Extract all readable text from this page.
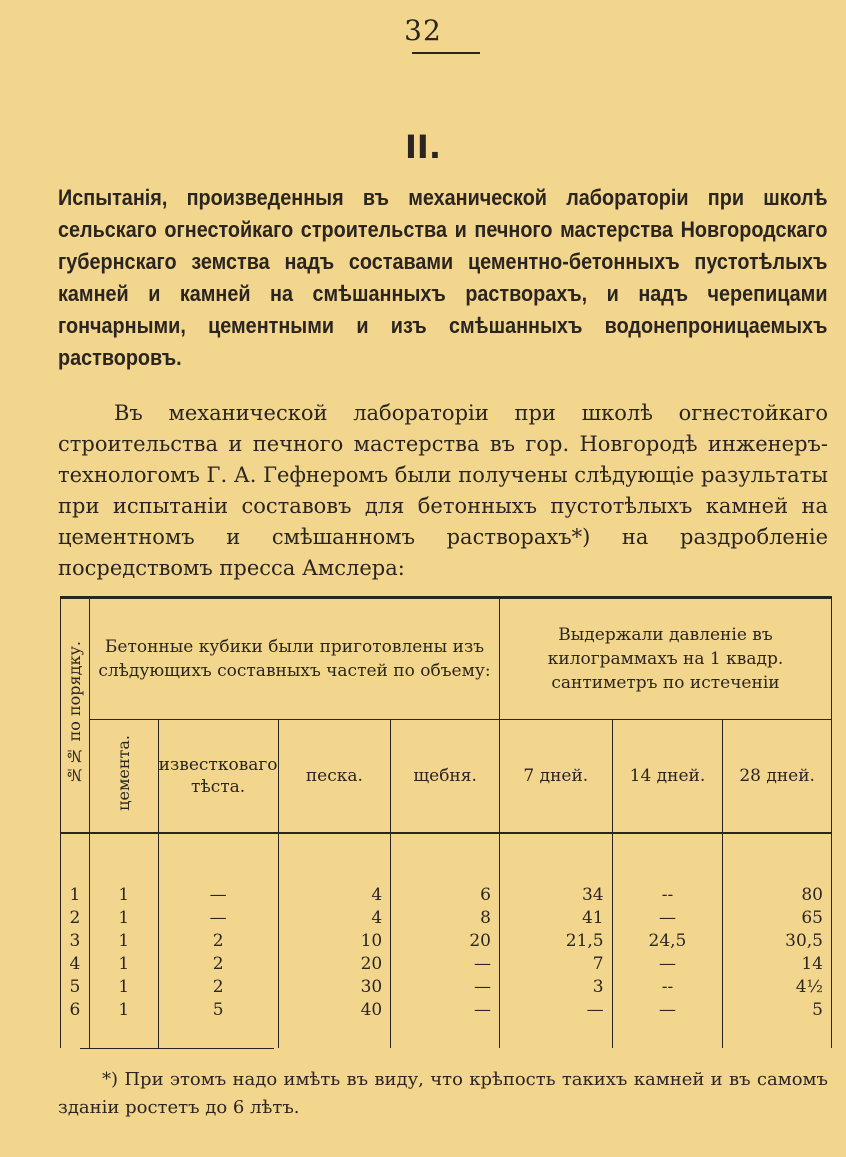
32
II.
Испытанія, произведенныя въ механической лабораторіи при школѣ сельскаго огнестойкаго строительства и печного мастерства Новгородскаго губернскаго земства надъ составами цементно-бетонныхъ пустотѣлыхъ камней и камней на смѣшанныхъ растворахъ, и надъ черепицами гончарными, цементными и изъ смѣшанныхъ водонепроницаемыхъ растворовъ.
Въ механической лабораторіи при школѣ огнестойкаго строительства и печного мастерства въ гор. Новгородѣ инженеръ-технологомъ Г. А. Гефнеромъ были получены слѣдующіе разультаты при испытаніи составовъ для бетонныхъ пустотѣлыхъ камней на цементномъ и смѣшанномъ растворахъ*) на раздробленіе посредствомъ пресса Амслера:
№№ по порядку.	Бетонные кубики были приготовлены изъ слѣдующихъ составныхъ частей по объему:				Выдержали давленіе въ килограммахъ на 1 квадр. сантиметръ по истеченіи		
	цемента.	известковаго тѣста.	песка.	щебня.	7 дней.	14 дней.	28 дней.

1	1	—	4	6	34	--	80
2	1	—	4	8	41	—	65
3	1	2	10	20	21,5	24,5	30,5
4	1	2	20	—	7	—	14
5	1	2	30	—	3	--	4½
6	1	5	40	—	—	—	5

*) При этомъ надо имѣть въ виду, что крѣпость такихъ камней и въ самомъ зданіи ростетъ до 6 лѣтъ.
